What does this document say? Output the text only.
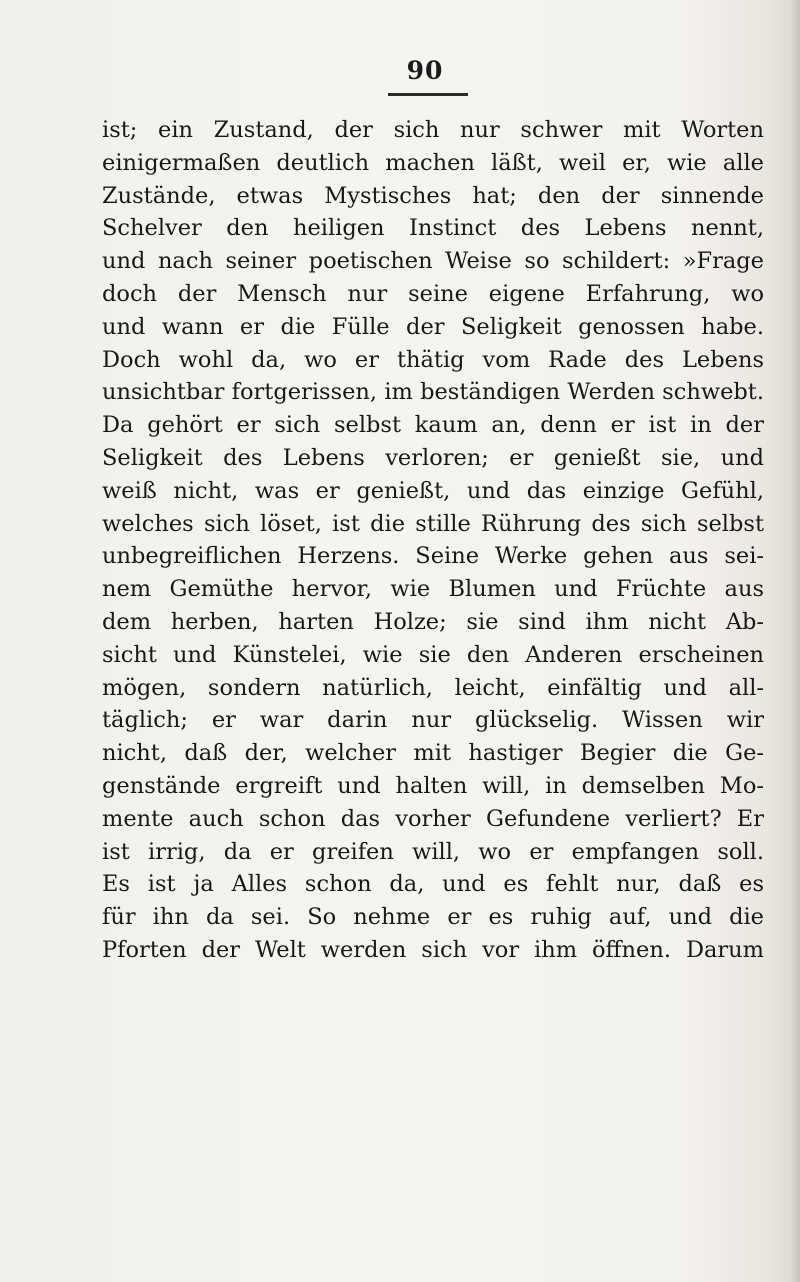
90
ist; ein Zustand, der sich nur schwer mit Worten
einigermaßen deutlich machen läßt, weil er, wie alle
Zustände, etwas Mystisches hat; den der sinnende
Schelver den heiligen Instinct des Lebens nennt,
und nach seiner poetischen Weise so schildert: »Frage
doch der Mensch nur seine eigene Erfahrung, wo
und wann er die Fülle der Seligkeit genossen habe.
Doch wohl da, wo er thätig vom Rade des Lebens
unsichtbar fortgerissen, im beständigen Werden schwebt.
Da gehört er sich selbst kaum an, denn er ist in der
Seligkeit des Lebens verloren; er genießt sie, und
weiß nicht, was er genießt, und das einzige Gefühl,
welches sich löset, ist die stille Rührung des sich selbst
unbegreiflichen Herzens. Seine Werke gehen aus sei-
nem Gemüthe hervor, wie Blumen und Früchte aus
dem herben, harten Holze; sie sind ihm nicht Ab-
sicht und Künstelei, wie sie den Anderen erscheinen
mögen, sondern natürlich, leicht, einfältig und all-
täglich; er war darin nur glückselig. Wissen wir
nicht, daß der, welcher mit hastiger Begier die Ge-
genstände ergreift und halten will, in demselben Mo-
mente auch schon das vorher Gefundene verliert? Er
ist irrig, da er greifen will, wo er empfangen soll.
Es ist ja Alles schon da, und es fehlt nur, daß es
für ihn da sei. So nehme er es ruhig auf, und die
Pforten der Welt werden sich vor ihm öffnen. Darum
